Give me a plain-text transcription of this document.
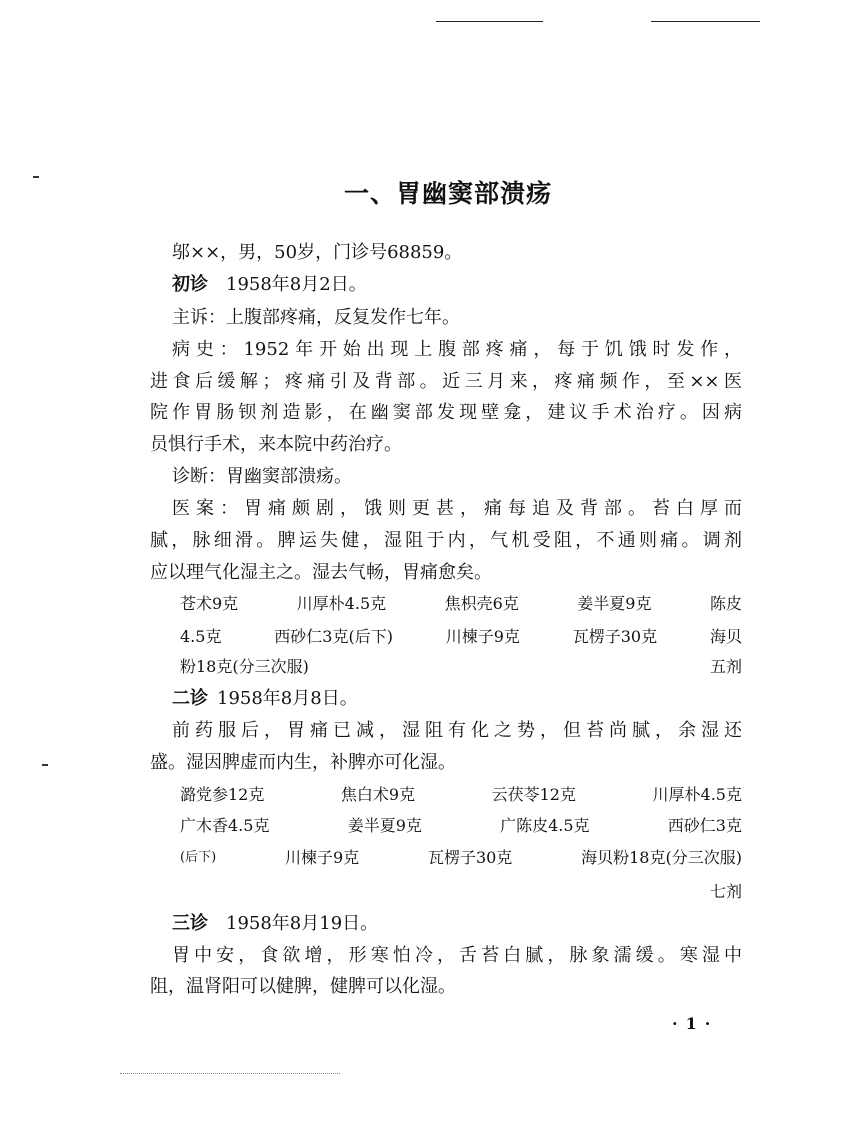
一、胃幽窦部溃疡
邬××，男，50岁，门诊号68859。
初诊  1958年8月2日。
主诉：上腹部疼痛，反复发作七年。
病史：1952年开始出现上腹部疼痛，每于饥饿时发作，
进食后缓解；疼痛引及背部。近三月来，疼痛频作，至××医
院作胃肠钡剂造影，在幽窦部发现壁龛，建议手术治疗。因病
员惧行手术，来本院中药治疗。
诊断：胃幽窦部溃疡。
医案：胃痛颇剧，饿则更甚，痛每追及背部。苔白厚而
腻，脉细滑。脾运失健，湿阻于内，气机受阻，不通则痛。调剂
应以理气化湿主之。湿去气畅，胃痛愈矣。
苍术9克	川厚朴4.5克	焦枳壳6克	姜半夏9克	陈皮
4.5克	西砂仁3克(后下)	川楝子9克	瓦楞子30克	海贝
粉18克(分三次服)	五剂
二诊  1958年8月8日。
前药服后，胃痛已减，湿阻有化之势，但苔尚腻，余湿还
盛。湿因脾虚而内生，补脾亦可化湿。
潞党参12克	焦白术9克	云茯苓12克	川厚朴4.5克
广木香4.5克	姜半夏9克	广陈皮4.5克	西砂仁3克
(后下)	川楝子9克	瓦楞子30克	海贝粉18克(分三次服)
七剂
三诊  1958年8月19日。
胃中安，食欲增，形寒怕冷，舌苔白腻，脉象濡缓。寒湿中
阻，温肾阳可以健脾，健脾可以化湿。
·1·
